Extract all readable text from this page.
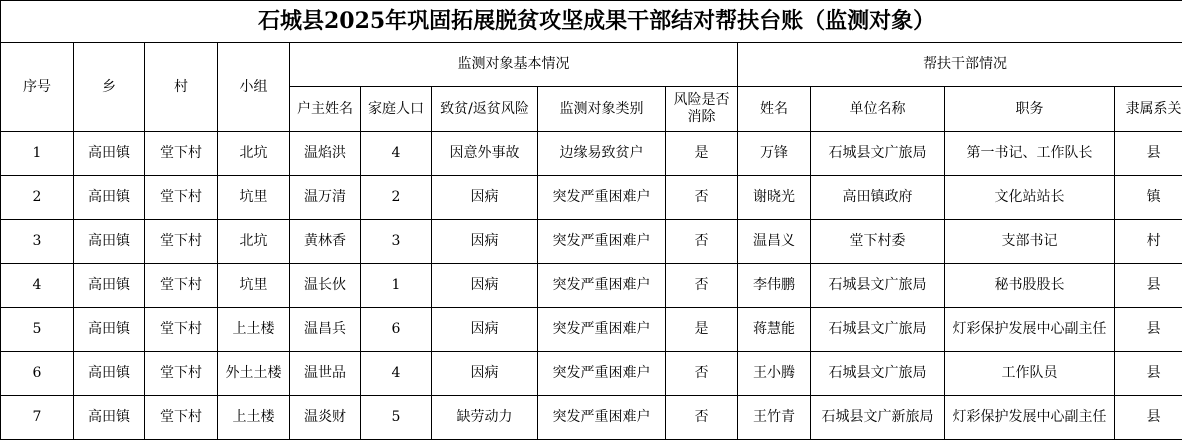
石城县2025年巩固拓展脱贫攻坚成果干部结对帮扶台账（监测对象）												
序号	乡	村	小组	监测对象基本情况					帮扶干部情况			
				户主姓名	家庭人口	致贫/返贫风险	监测对象类别	风险是否消除	姓名	单位名称	职务	隶属系关
1	高田镇	堂下村	北坑	温焰洪	4	因意外事故	边缘易致贫户	是	万锋	石城县文广旅局	第一书记、工作队长	县
2	高田镇	堂下村	坑里	温万清	2	因病	突发严重困难户	否	谢晓光	高田镇政府	文化站站长	镇
3	高田镇	堂下村	北坑	黄林香	3	因病	突发严重困难户	否	温昌义	堂下村委	支部书记	村
4	高田镇	堂下村	坑里	温长伙	1	因病	突发严重困难户	否	李伟鹏	石城县文广旅局	秘书股股长	县
5	高田镇	堂下村	上土楼	温昌兵	6	因病	突发严重困难户	是	蒋慧能	石城县文广旅局	灯彩保护发展中心副主任	县
6	高田镇	堂下村	外土土楼	温世品	4	因病	突发严重困难户	否	王小腾	石城县文广旅局	工作队员	县
7	高田镇	堂下村	上土楼	温炎财	5	缺劳动力	突发严重困难户	否	王竹青	石城县文广新旅局	灯彩保护发展中心副主任	县
